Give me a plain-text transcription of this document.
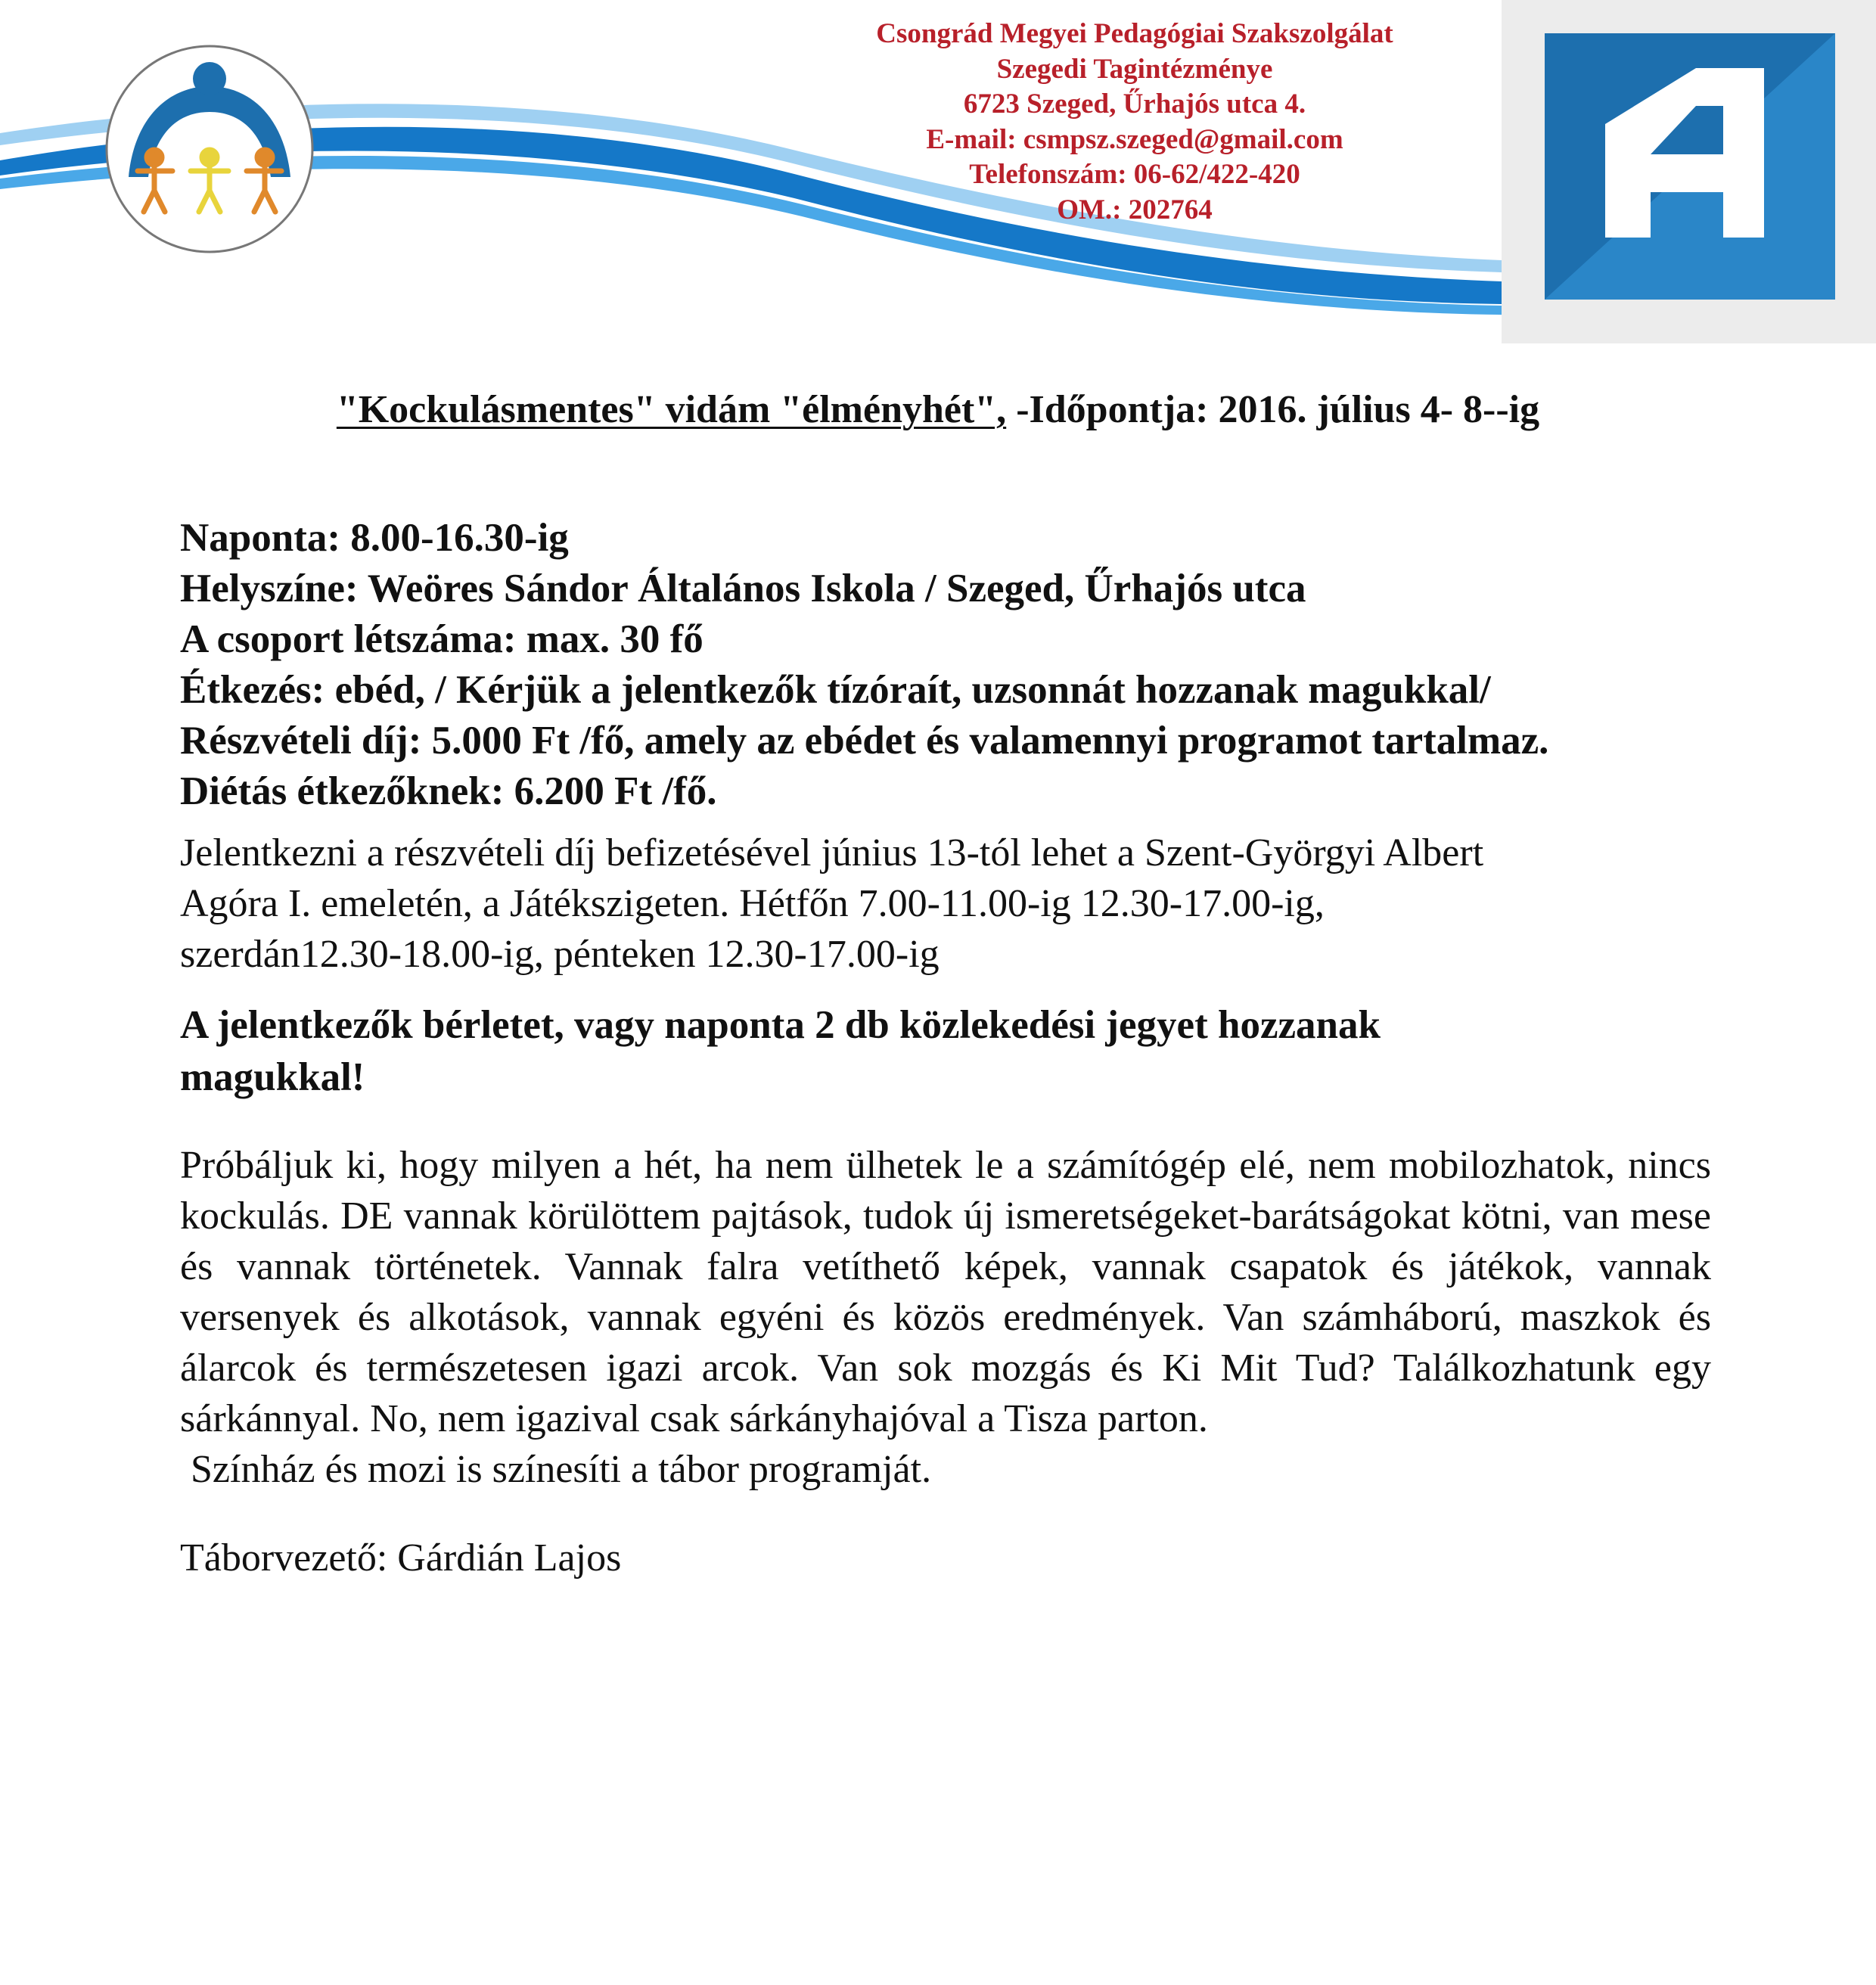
Csongrád Megyei Pedagógiai Szakszolgálat
Szegedi Tagintézménye
6723 Szeged, Űrhajós utca 4.
E-mail: csmpsz.szeged@gmail.com
Telefonszám: 06-62/422-420
OM.: 202764
"Kockulásmentes" vidám "élményhét", -Időpontja: 2016. július 4- 8--ig
Naponta: 8.00-16.30-ig
Helyszíne: Weöres Sándor Általános Iskola / Szeged, Űrhajós utca
A csoport létszáma: max. 30 fő
Étkezés: ebéd, / Kérjük a jelentkezők tízóraít, uzsonnát hozzanak magukkal/
Részvételi díj: 5.000 Ft /fő, amely az ebédet és valamennyi programot tartalmaz.
Diétás étkezőknek: 6.200 Ft /fő.
Jelentkezni a részvételi díj befizetésével június 13-tól lehet a Szent-Györgyi Albert
Agóra I. emeletén, a Játékszigeten. Hétfőn 7.00-11.00-ig 12.30-17.00-ig,
szerdán12.30-18.00-ig, pénteken 12.30-17.00-ig
A jelentkezők bérletet, vagy naponta 2 db közlekedési jegyet hozzanak
magukkal!
Próbáljuk ki, hogy milyen a hét, ha nem ülhetek le a számítógép elé, nem mobilozhatok, nincs kockulás. DE vannak körülöttem pajtások, tudok új ismeretségeket-barátságokat kötni, van mese és vannak történetek. Vannak falra vetíthető képek, vannak csapatok és játékok, vannak versenyek és alkotások, vannak egyéni és közös eredmények. Van számháború, maszkok és álarcok és természetesen igazi arcok. Van sok mozgás és Ki Mit Tud? Találkozhatunk egy sárkánnyal. No, nem igazival csak sárkányhajóval a Tisza parton.
Színház és mozi is színesíti a tábor programját.
Táborvezető: Gárdián Lajos
